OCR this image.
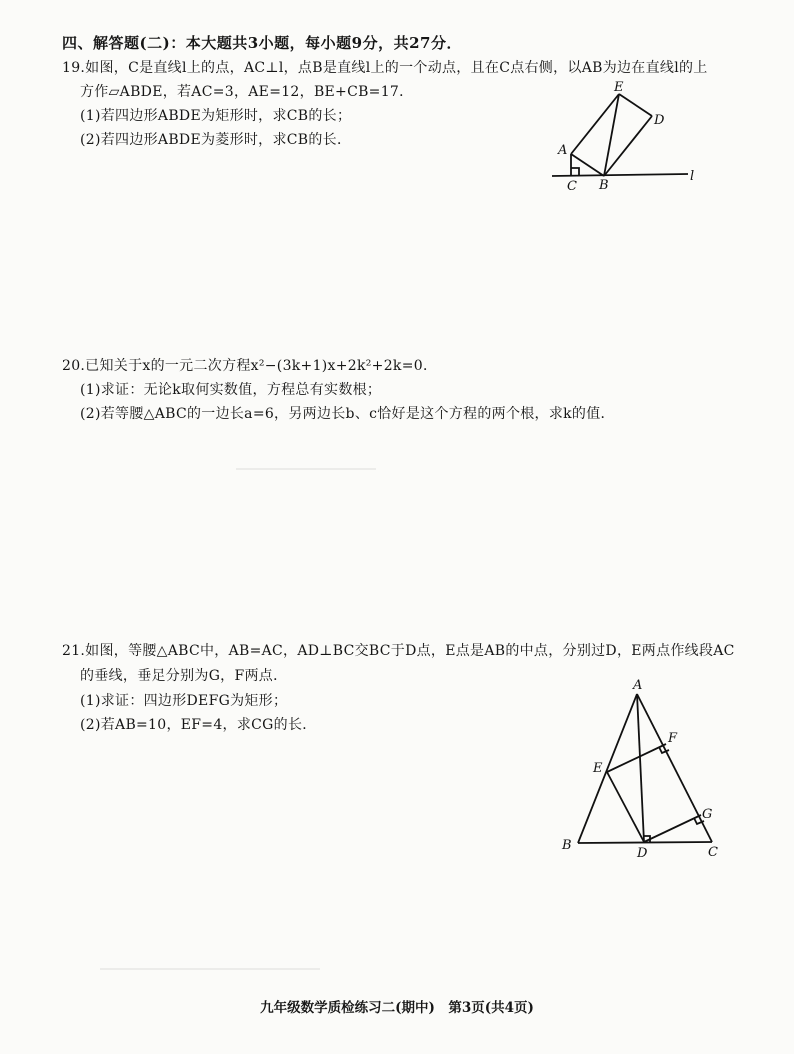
四、解答题(二)：本大题共3小题，每小题9分，共27分．
19.如图，C是直线l上的点，AC⊥l，点B是直线l上的一个动点，且在C点右侧，以AB为边在直线l的上
方作▱ABDE，若AC=3，AE=12，BE+CB=17．
(1)若四边形ABDE为矩形时，求CB的长；
(2)若四边形ABDE为菱形时，求CB的长．
A
C B
E
D
l
20.已知关于x的一元二次方程x²−(3k+1)x+2k²+2k=0．
(1)求证：无论k取何实数值，方程总有实数根；
(2)若等腰△ABC的一边长a=6，另两边长b、c恰好是这个方程的两个根，求k的值．
21.如图，等腰△ABC中，AB=AC，AD⊥BC交BC于D点，E点是AB的中点，分别过D，E两点作线段AC
的垂线，垂足分别为G，F两点．
(1)求证：四边形DEFG为矩形；
(2)若AB=10，EF=4，求CG的长．
A
F
E
G
B
D	C
九年级数学质检练习二(期中)　第3页(共4页)
